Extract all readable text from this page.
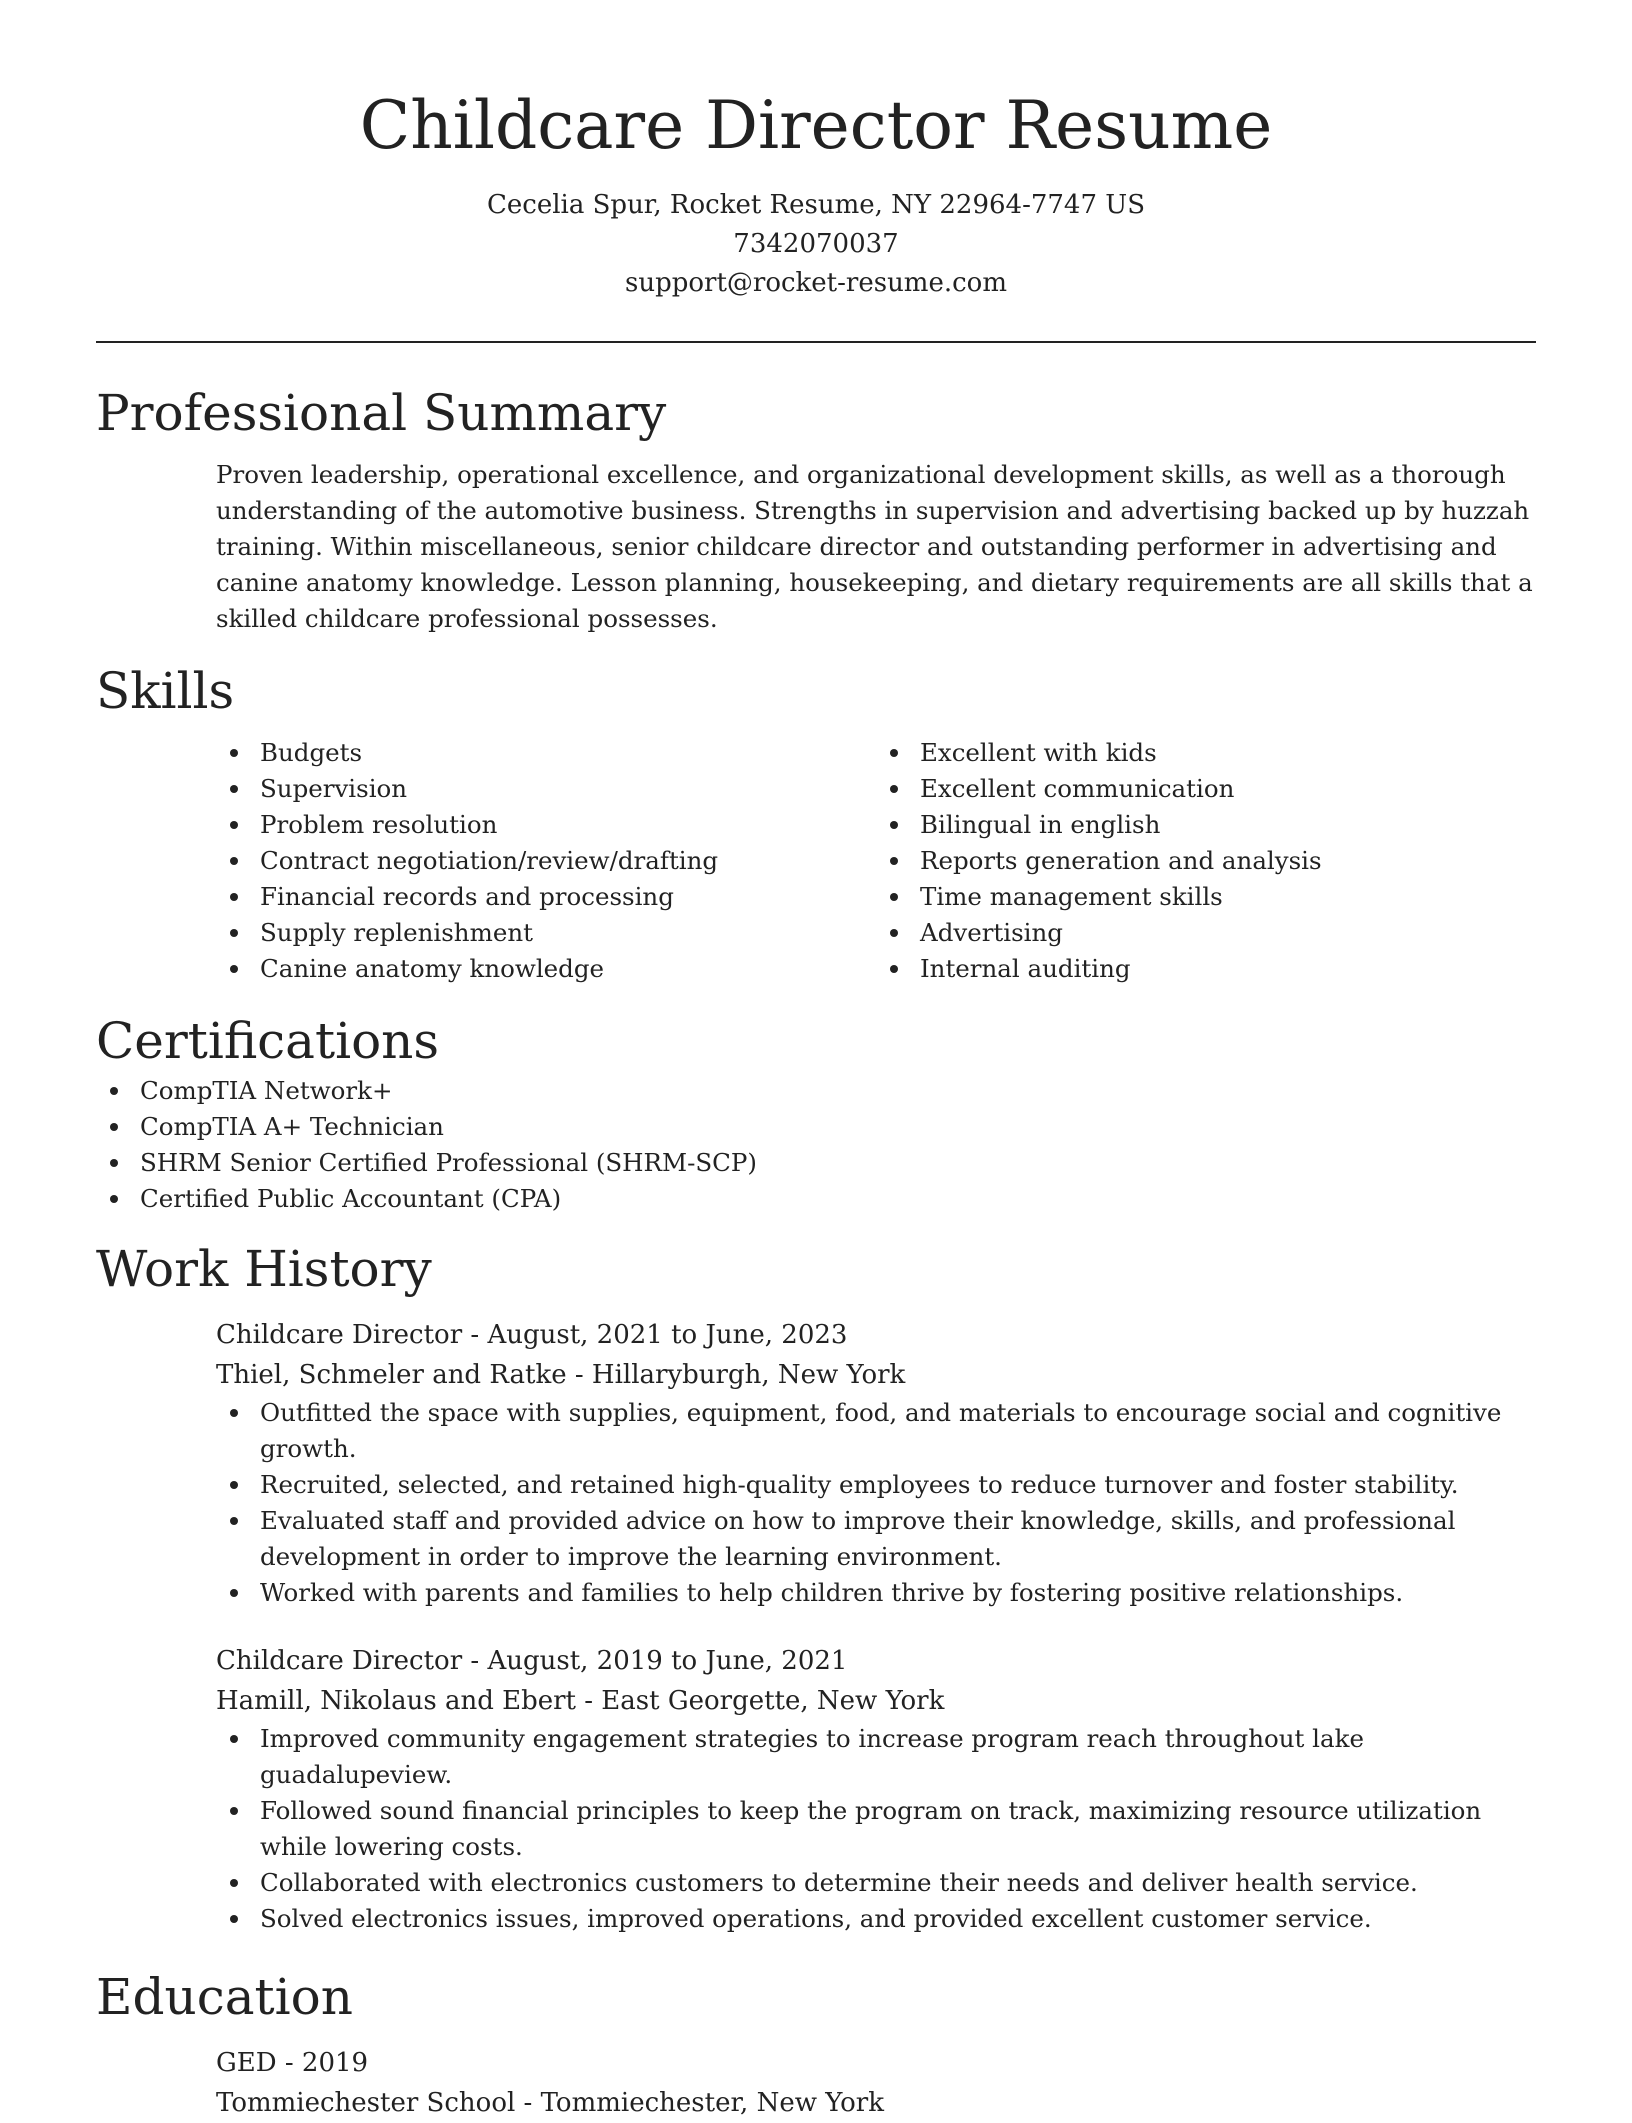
Childcare Director Resume
Cecelia Spur, Rocket Resume, NY 22964-7747 US
7342070037
support@rocket-resume.com
Professional Summary
Proven leadership, operational excellence, and organizational development skills, as well as a thorough understanding of the automotive business. Strengths in supervision and advertising backed up by huzzah training. Within miscellaneous, senior childcare director and outstanding performer in advertising and canine anatomy knowledge. Lesson planning, housekeeping, and dietary requirements are all skills that a skilled childcare professional possesses.
Skills
Budgets
Supervision
Problem resolution
Contract negotiation/review/drafting
Financial records and processing
Supply replenishment
Canine anatomy knowledge
Excellent with kids
Excellent communication
Bilingual in english
Reports generation and analysis
Time management skills
Advertising
Internal auditing
Certifications
CompTIA Network+
CompTIA A+ Technician
SHRM Senior Certified Professional (SHRM-SCP)
Certified Public Accountant (CPA)
Work History
Childcare Director - August, 2021 to June, 2023
Thiel, Schmeler and Ratke - Hillaryburgh, New York
Outfitted the space with supplies, equipment, food, and materials to encourage social and cognitive growth.
Recruited, selected, and retained high-quality employees to reduce turnover and foster stability.
Evaluated staff and provided advice on how to improve their knowledge, skills, and professional development in order to improve the learning environment.
Worked with parents and families to help children thrive by fostering positive relationships.
Childcare Director - August, 2019 to June, 2021
Hamill, Nikolaus and Ebert - East Georgette, New York
Improved community engagement strategies to increase program reach throughout lake guadalupeview.
Followed sound financial principles to keep the program on track, maximizing resource utilization while lowering costs.
Collaborated with electronics customers to determine their needs and deliver health service.
Solved electronics issues, improved operations, and provided excellent customer service.
Education
GED - 2019
Tommiechester School - Tommiechester, New York
